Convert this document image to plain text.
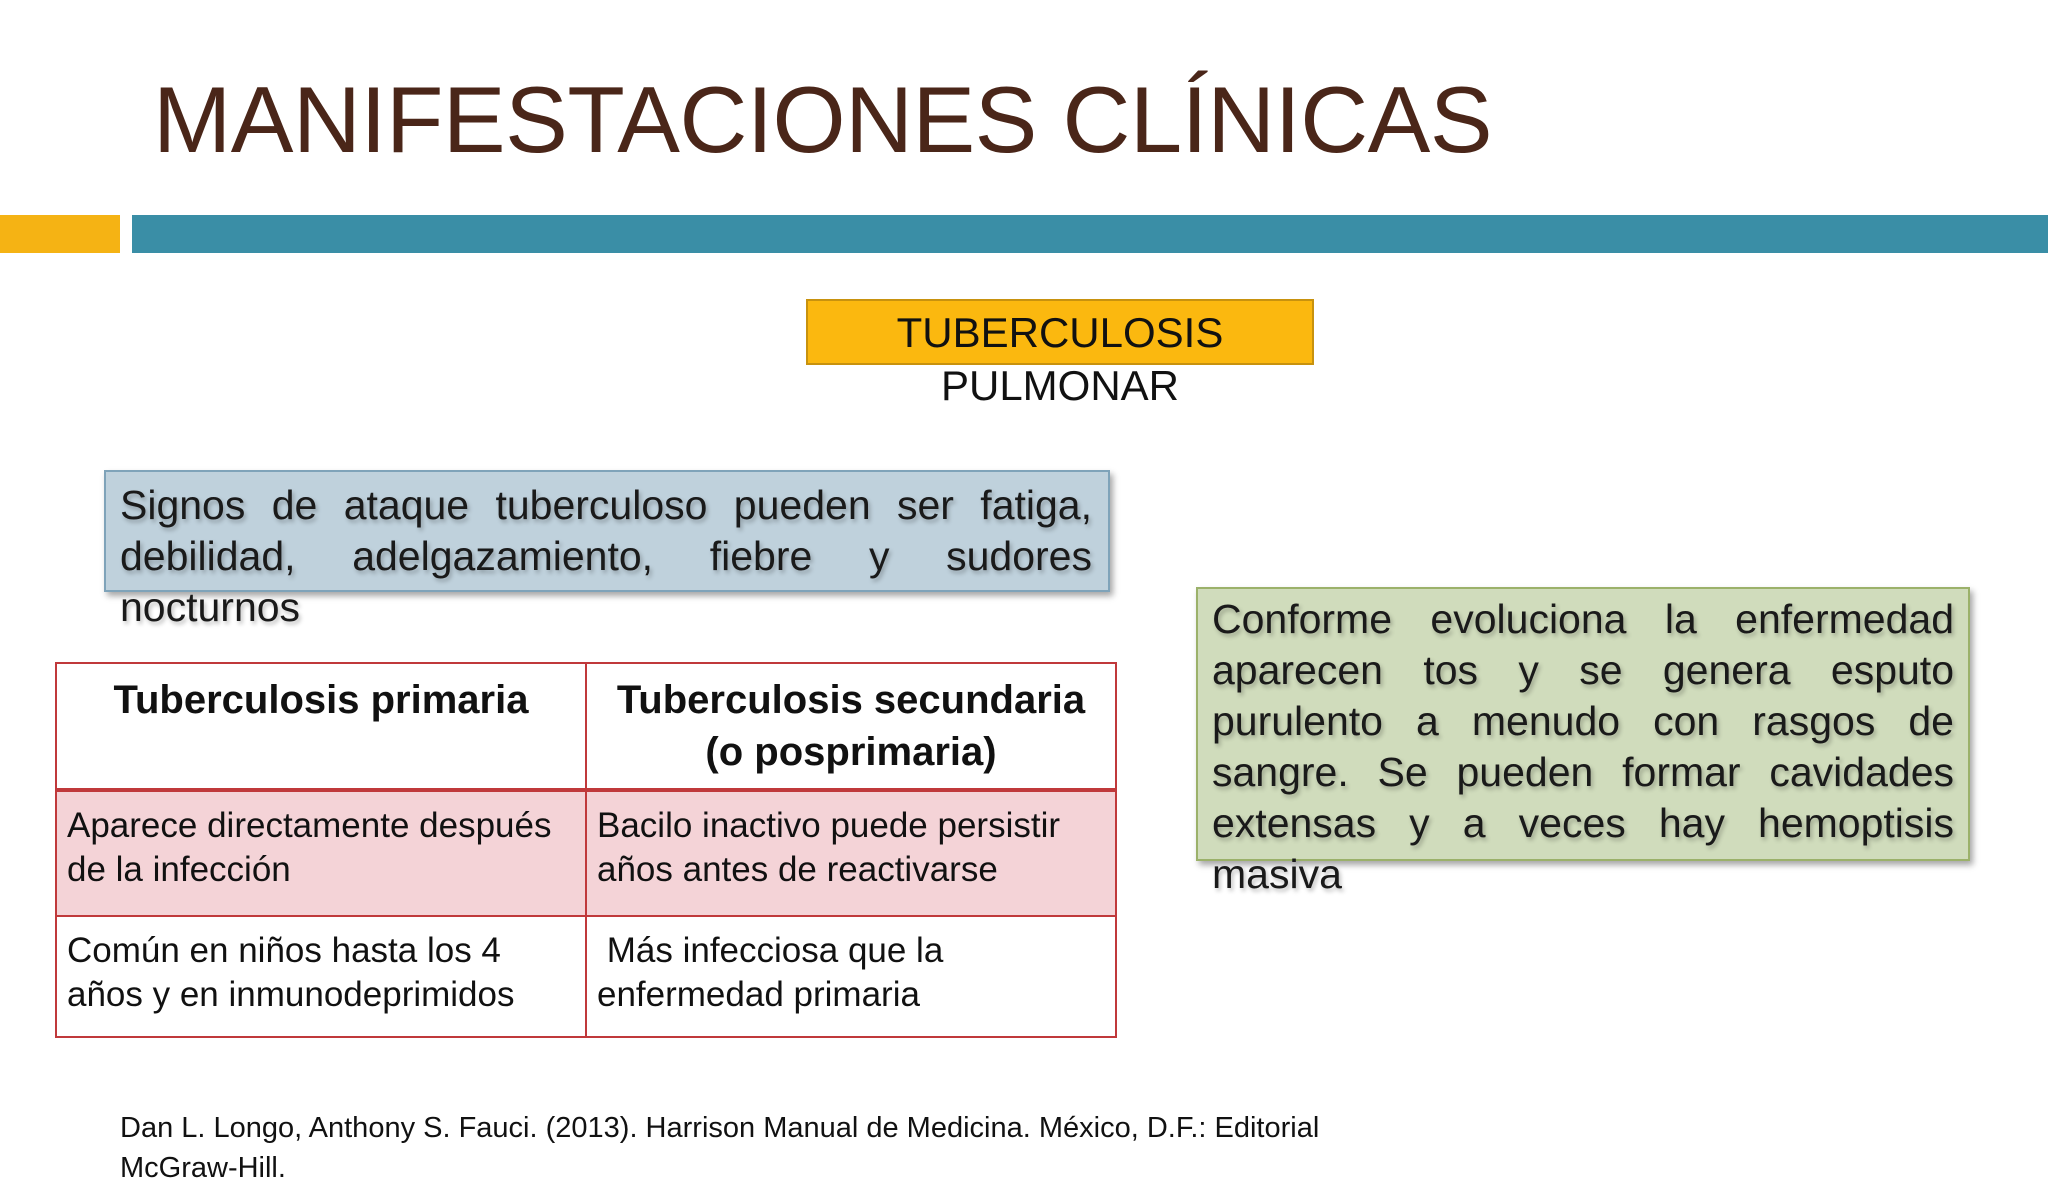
MANIFESTACIONES CLÍNICAS
TUBERCULOSIS
PULMONAR

Signos de ataque tuberculoso pueden ser fatiga, debilidad, adelgazamiento, fiebre y sudores nocturnos

Tuberculosis primaria	Tuberculosis secundaria (o posprimaria)
Aparece directamente después de la infección	Bacilo inactivo puede persistir años antes de reactivarse
Común en niños hasta los 4 años y en inmunodeprimidos	Más infecciosa que la enfermedad primaria

Conforme evoluciona la enfermedad aparecen tos y se genera esputo purulento a menudo con rasgos de sangre. Se pueden formar cavidades extensas y a veces hay hemoptisis masiva

Dan L. Longo, Anthony S. Fauci. (2013). Harrison Manual de Medicina. México, D.F.: Editorial McGraw-Hill.
